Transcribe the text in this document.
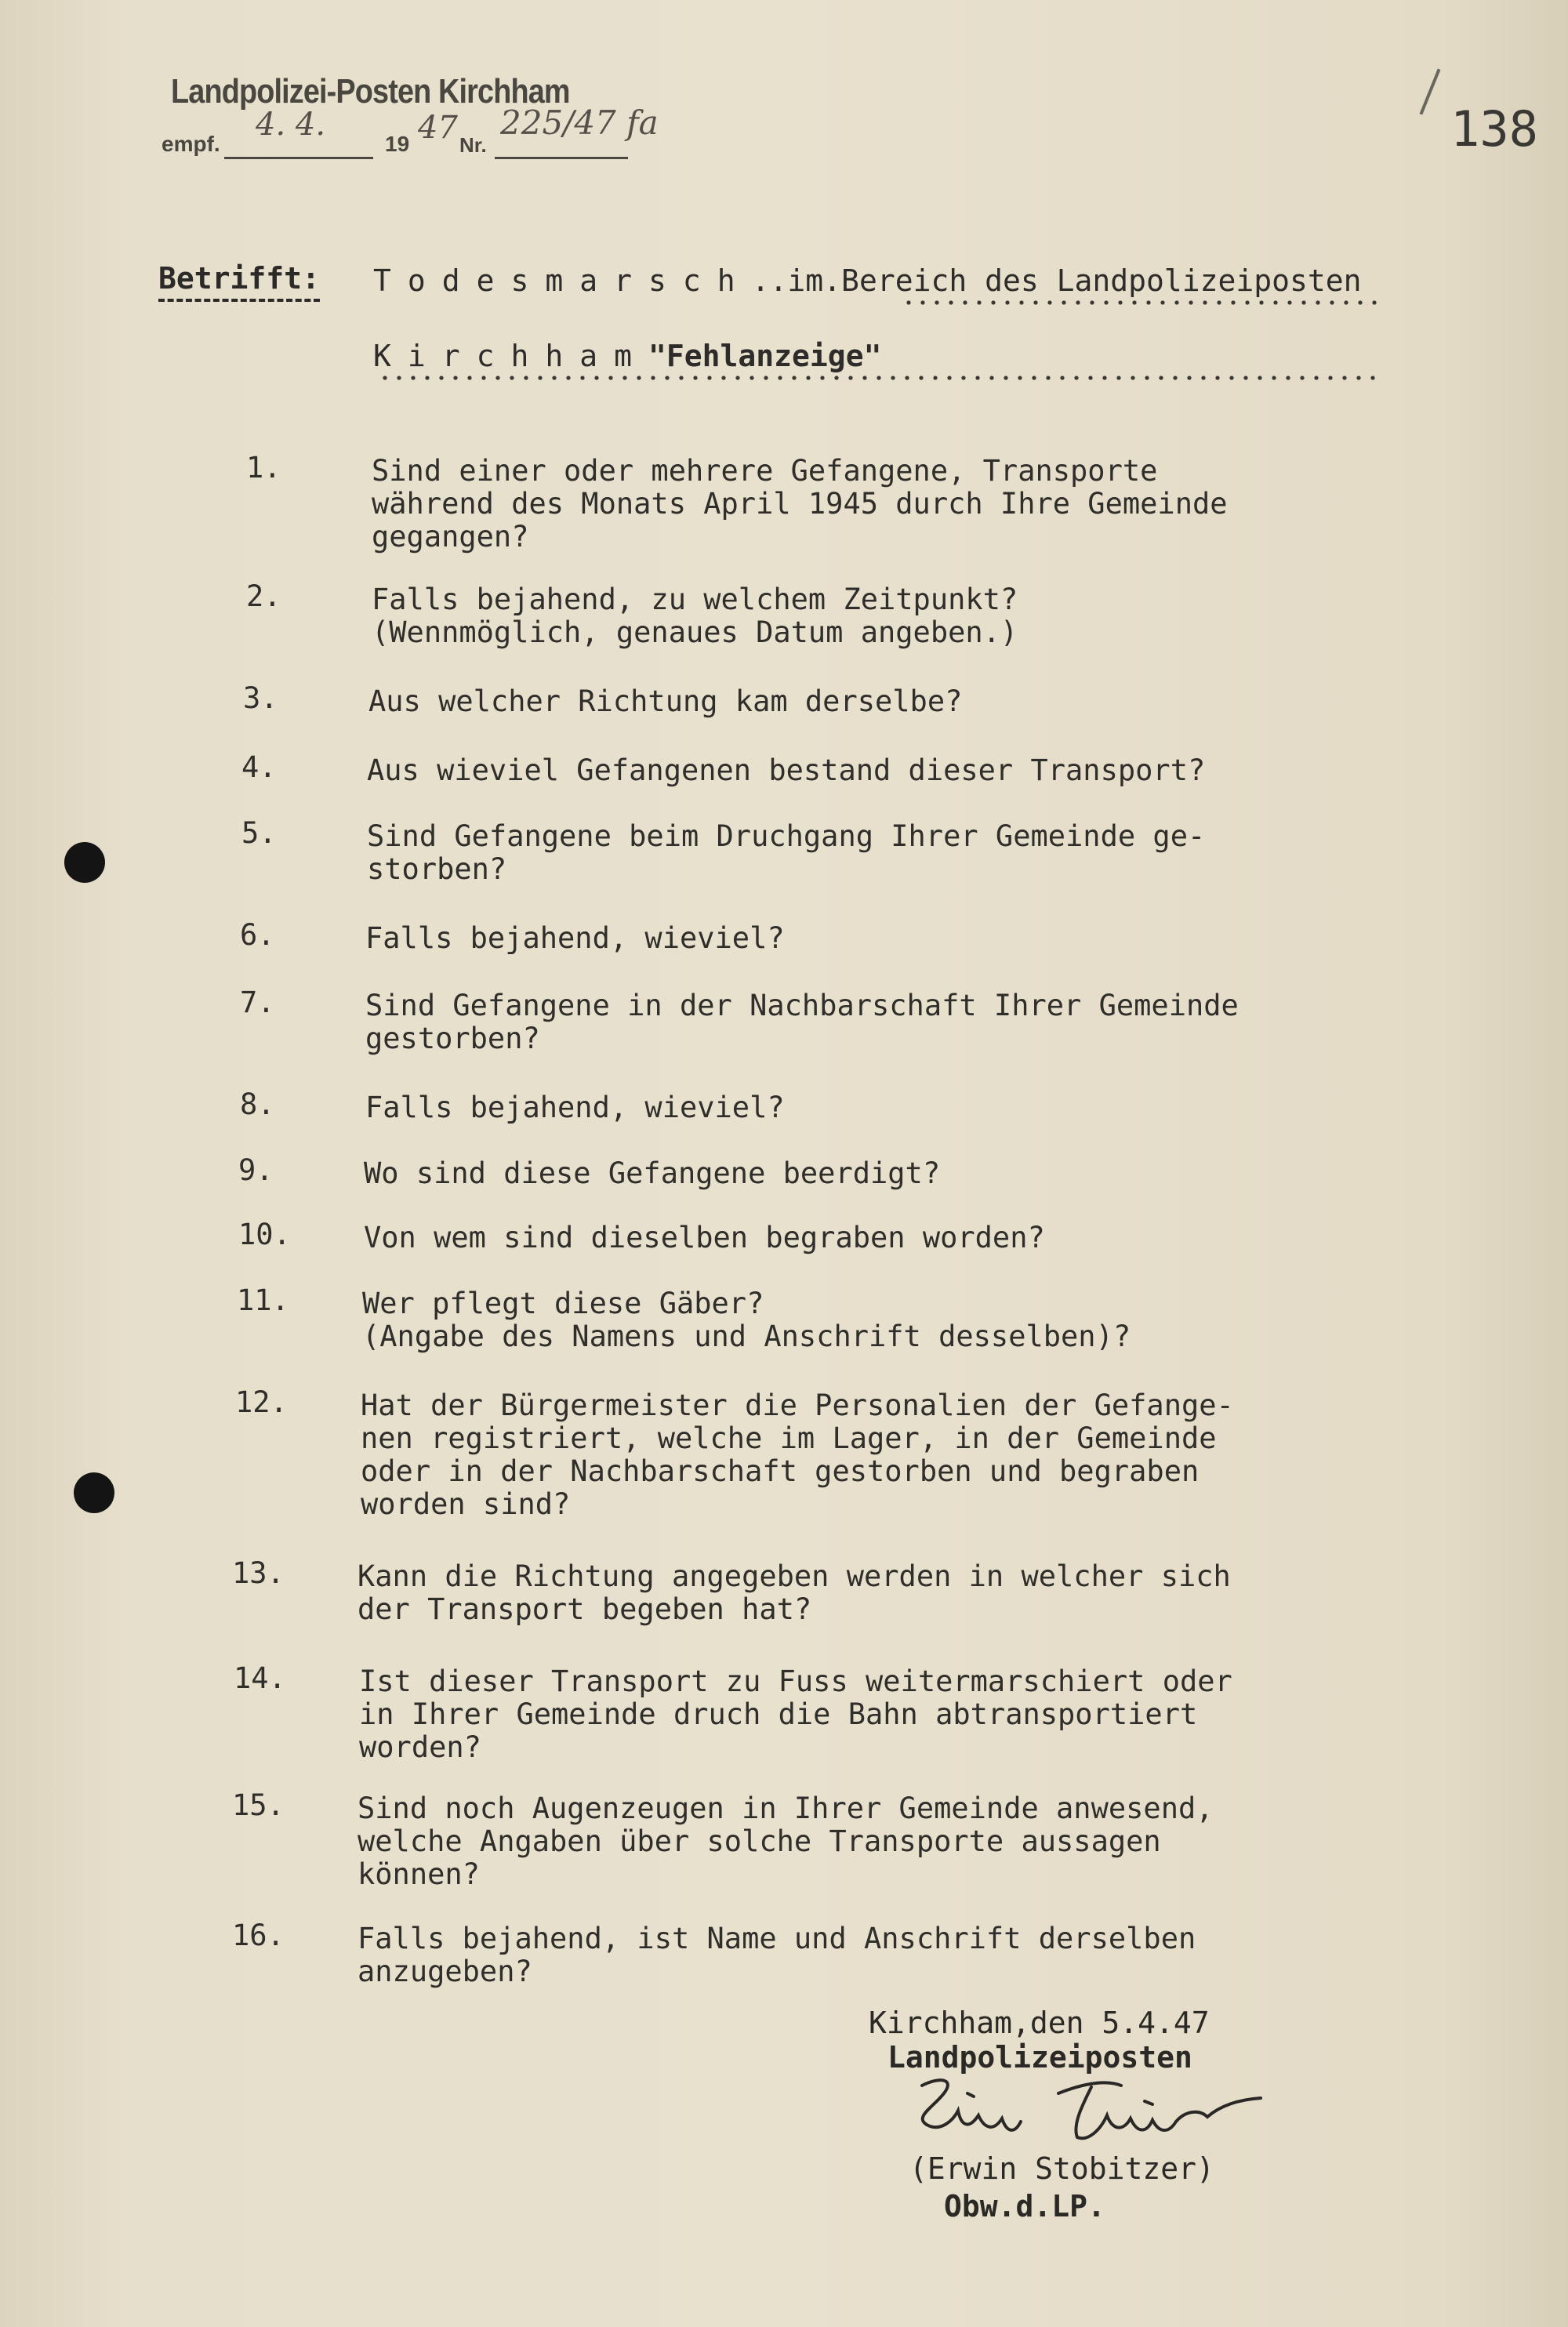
Landpolizei-Posten Kirchham
empf.
4. 4.
19 47 Nr.
225/47 fa	138
Betrifft: Todesmarsch..im.Bereich des Landpolizeiposten
Kirchham"Fehlanzeige"
1.	Sind einer oder mehrere Gefangene, Transporte
während des Monats April 1945 durch Ihre Gemeinde
gegangen?
2.	Falls bejahend, zu welchem Zeitpunkt?
(Wennmöglich, genaues Datum angeben.)
3.	Aus welcher Richtung kam derselbe?
4.	Aus wieviel Gefangenen bestand dieser Transport?
5.	Sind Gefangene beim Druchgang Ihrer Gemeinde ge-
storben?
6.	Falls bejahend, wieviel?
7.	Sind Gefangene in der Nachbarschaft Ihrer Gemeinde
gestorben?
8.	Falls bejahend, wieviel?
9.	Wo sind diese Gefangene beerdigt?
10.	Von wem sind dieselben begraben worden?
11.	Wer pflegt diese Gäber?
(Angabe des Namens und Anschrift desselben)?
12.	Hat der Bürgermeister die Personalien der Gefange-
nen registriert, welche im Lager, in der Gemeinde
oder in der Nachbarschaft gestorben und begraben
worden sind?
13.	Kann die Richtung angegeben werden in welcher sich
der Transport begeben hat?
14.	Ist dieser Transport zu Fuss weitermarschiert oder
in Ihrer Gemeinde druch die Bahn abtransportiert
worden?
15.	Sind noch Augenzeugen in Ihrer Gemeinde anwesend,
welche Angaben über solche Transporte aussagen
können?
16.	Falls bejahend, ist Name und Anschrift derselben
anzugeben?
Kirchham,den 5.4.47
Landpolizeiposten
(Erwin Stobitzer)
Obw.d.LP.
